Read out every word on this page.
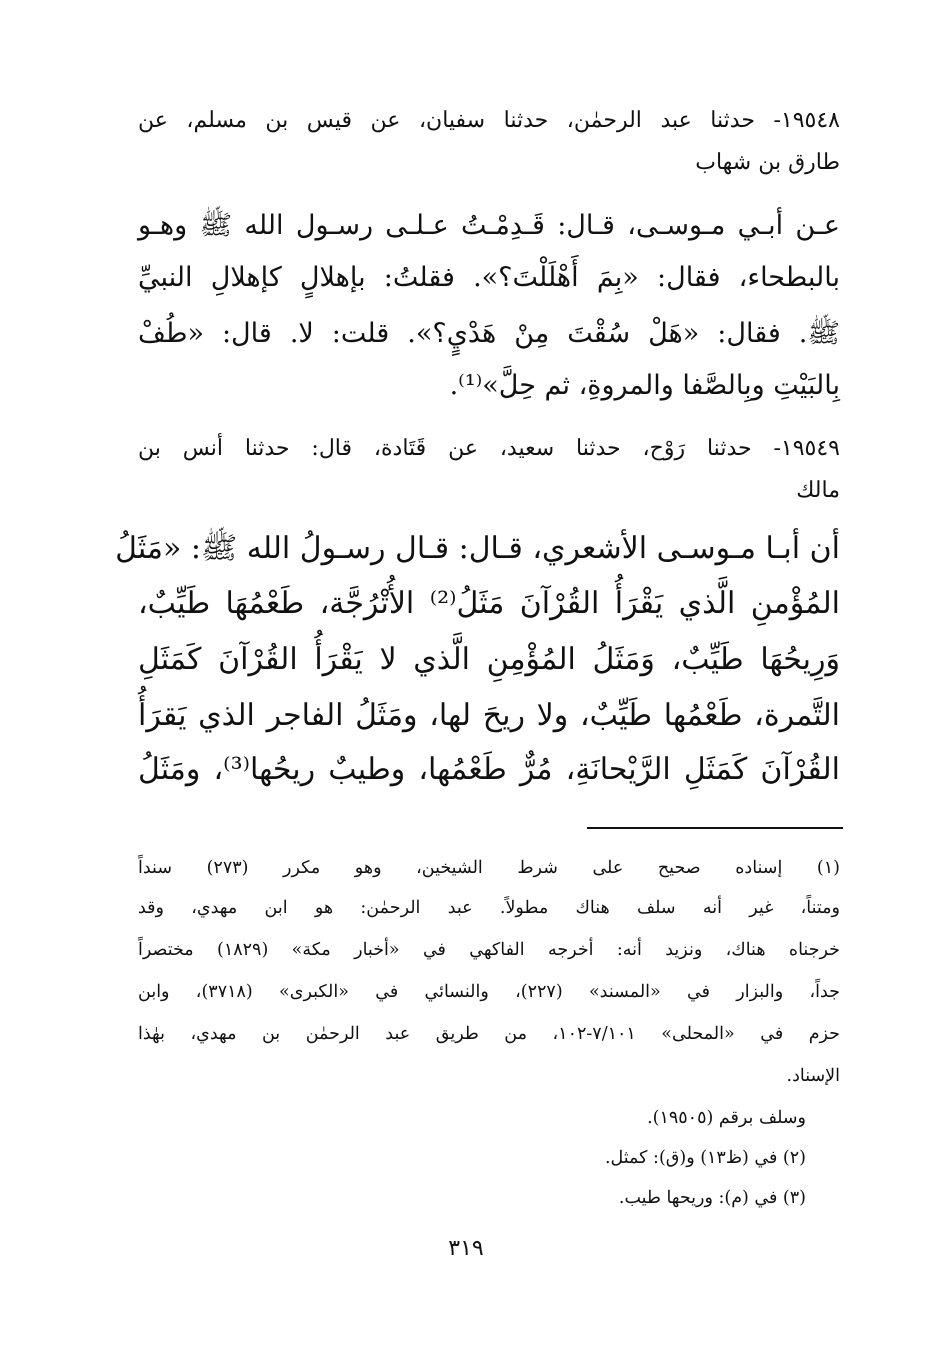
١٩٥٤٨- حدثنا عبد الرحمٰن، حدثنا سفيان، عن قيس بن مسلم، عن
طارق بن شهاب
عـن أبـي مـوسـى، قـال: قَـدِمْـتُ عـلـى رسـول الله ﷺ وهـو
بالبطحاء، فقال: «بِمَ أَهْلَلْتَ؟». فقلتُ: بإهلالٍ كإهلالِ النبيِّ
ﷺ. فقال: «هَلْ سُقْتَ مِنْ هَدْيٍ؟». قلت: لا. قال: «طُفْ
بِالبَيْتِ وبِالصَّفا والمروةِ، ثم حِلَّ»⁽¹⁾.
١٩٥٤٩- حدثنا رَوْح، حدثنا سعيد، عن قَتَادة، قال: حدثنا أنس بن
مالك
أن أبـا مـوسـى الأشعري، قـال: قـال رسـولُ الله ﷺ: «مَثَلُ
المُؤْمنِ الَّذي يَقْرَأُ القُرْآنَ مَثَلُ⁽²⁾ الأُتْرُجَّة، طَعْمُهَا طَيِّبٌ،
وَرِيحُهَا طَيِّبٌ، وَمَثَلُ المُؤْمِنِ الَّذي لا يَقْرَأُ القُرْآنَ كَمَثَلِ
التَّمرة، طَعْمُها طَيِّبٌ، ولا ريحَ لها، ومَثَلُ الفاجر الذي يَقرَأُ
القُرْآنَ كَمَثَلِ الرَّيْحانَةِ، مُرٌّ طَعْمُها، وطيبٌ ريحُها⁽³⁾، ومَثَلُ
(١) إسناده صحيح على شرط الشيخين، وهو مكرر (٢٧٣) سنداً
ومتناً، غير أنه سلف هناك مطولاً. عبد الرحمٰن: هو ابن مهدي، وقد
خرجناه هناك، ونزيد أنه: أخرجه الفاكهي في «أخبار مكة» (١٨٢٩) مختصراً
جداً، والبزار في «المسند» (٢٢٧)، والنسائي في «الكبرى» (٣٧١٨)، وابن
حزم في «المحلى» ٧/١٠١-١٠٢، من طريق عبد الرحمٰن بن مهدي، بهٰذا
الإسناد.
وسلف برقم (١٩٥٠٥).
(٢) في (ظ١٣) و(ق): كمثل.
(٣) في (م): وريحها طيب.
٣١٩
